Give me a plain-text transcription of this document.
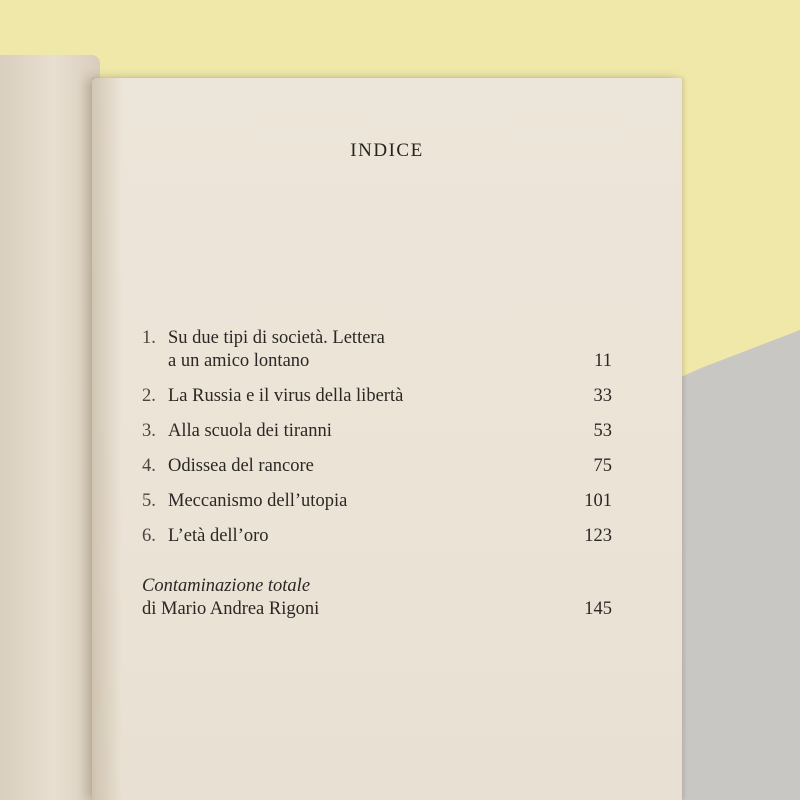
INDICE
1. Su due tipi di società. Lettera
a un amico lontano	11
2. La Russia e il virus della libertà	33
3. Alla scuola dei tiranni	53
4. Odissea del rancore	75
5. Meccanismo dell’utopia	101
6. L’età dell’oro	123
Contaminazione totale
di Mario Andrea Rigoni	145
